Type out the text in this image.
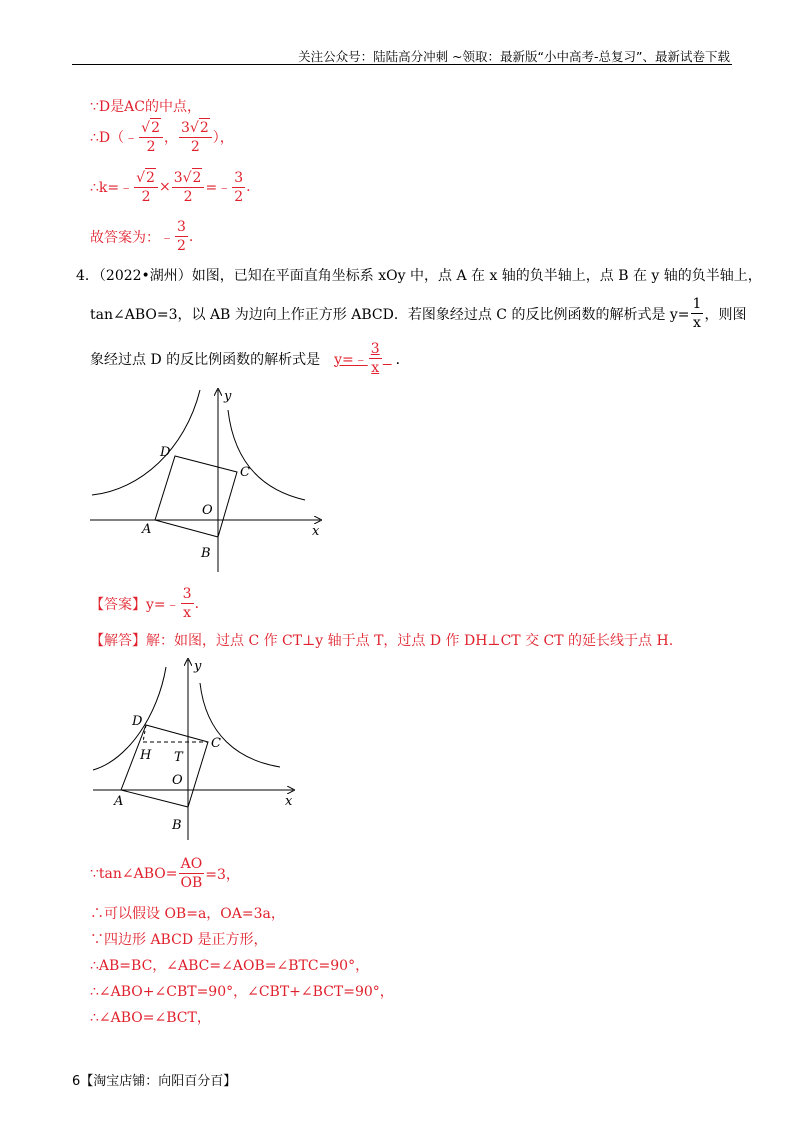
关注公众号：陆陆高分冲刺 ~领取：最新版“小中高考-总复习”、最新试卷下载
∵D是AC的中点，
∴D（﹣ $\frac{√2}{2}$ ， $\frac{3√2}{2}$ ），
∴k=﹣ $\frac{√2}{2} \times \frac{3√2}{2}$ =﹣ $\frac{3}{2}$ .
故答案为：﹣ $\frac{3}{2}$ .
4．（2022•湖州）如图，已知在平面直角坐标系 xOy 中，点 A 在 x 轴的负半轴上，点 B 在 y 轴的负半轴上，
tan∠ABO=3，以 AB 为边向上作正方形 ABCD．若图象经过点 C 的反比例函数的解析式是 $y= \frac{1}{x}$ ，则图
象经过点 D 的反比例函数的解析式是 y=﹣ $\frac{3}{x}$
．
x
y
O
A
B
C
D
【答案】 y=﹣ $\frac{3}{x}$ .
【解答】解：如图，过点 C 作 CT⊥y 轴于点 T，过点 D 作 DH⊥CT 交 CT 的延长线于点 H.
x
y
O
A
B
C
D
H T
∵tan∠ABO= $\frac{AO}{OB} =3$，
∴可以假设 OB=a，OA=3a，
∵四边形 ABCD 是正方形，
∴AB=BC，∠ABC=∠AOB=∠BTC=90°，
∴∠ABO+∠CBT=90°，∠CBT+∠BCT=90°，
∴∠ABO=∠BCT，
6【淘宝店铺：向阳百分百】
